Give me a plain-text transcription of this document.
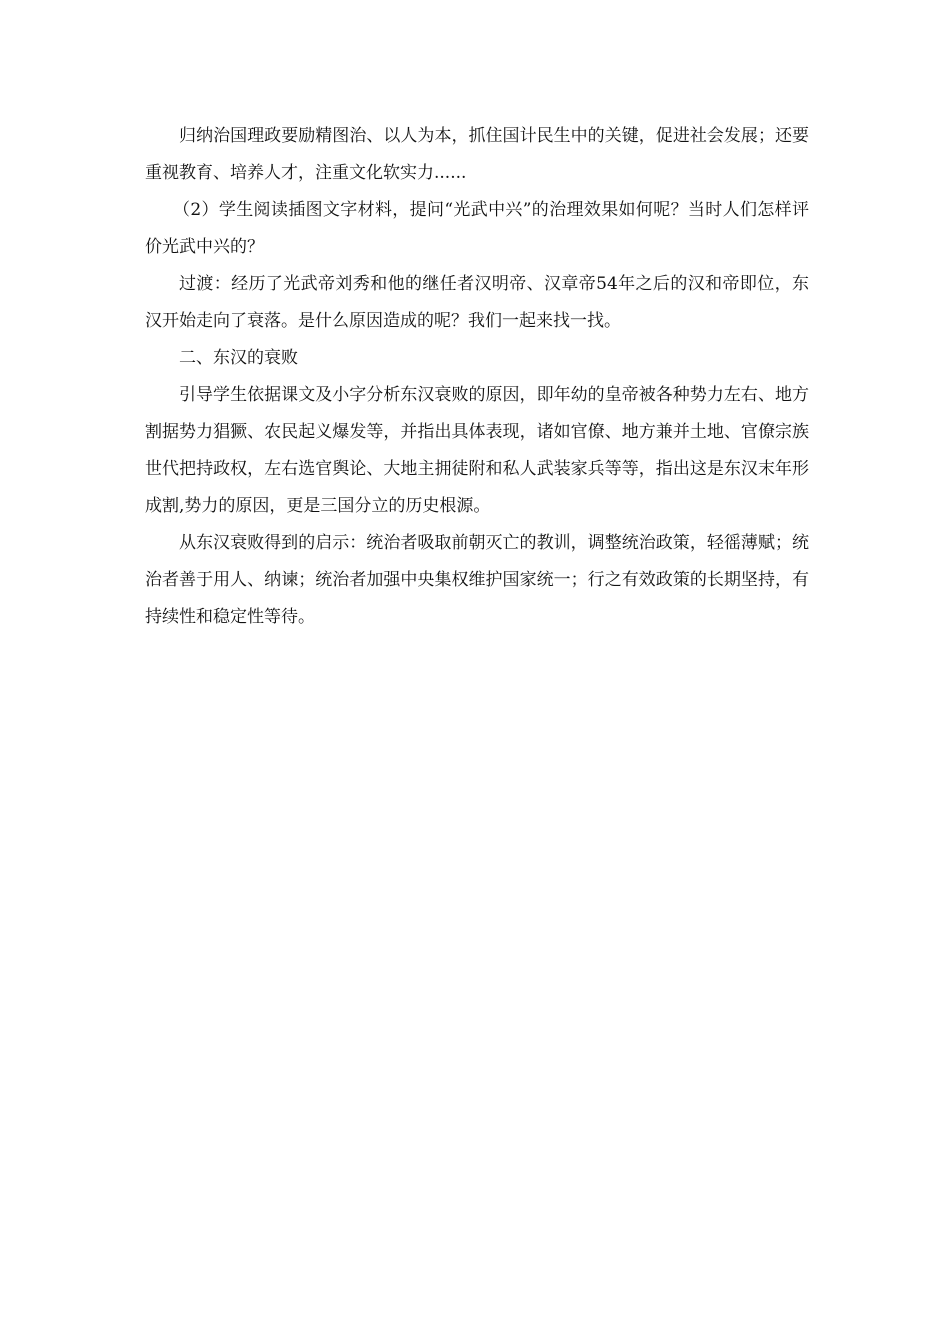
　　归纳治国理政要励精图治、以人为本，抓住国计民生中的关键，促进社会发展；还要重视教育、培养人才，注重文化软实力......

（2）学生阅读插图文字材料，提问“光武中兴”的治理效果如何呢？当时人们怎样评价光武中兴的？

过渡：经历了光武帝刘秀和他的继任者汉明帝、汉章帝54年之后的汉和帝即位，东汉开始走向了衰落。是什么原因造成的呢？我们一起来找一找。

二、东汉的衰败

引导学生依据课文及小字分析东汉衰败的原因，即年幼的皇帝被各种势力左右、地方割据势力猖獗、农民起义爆发等，并指出具体表现，诸如官僚、地方兼并土地、官僚宗族世代把持政权，左右选官舆论、大地主拥徒附和私人武装家兵等等，指出这是东汉末年形成割,势力的原因，更是三国分立的历史根源。

从东汉衰败得到的启示：统治者吸取前朝灭亡的教训，调整统治政策，轻徭薄赋；统治者善于用人、纳谏；统治者加强中央集权维护国家统一；行之有效政策的长期坚持，有持续性和稳定性等待。
